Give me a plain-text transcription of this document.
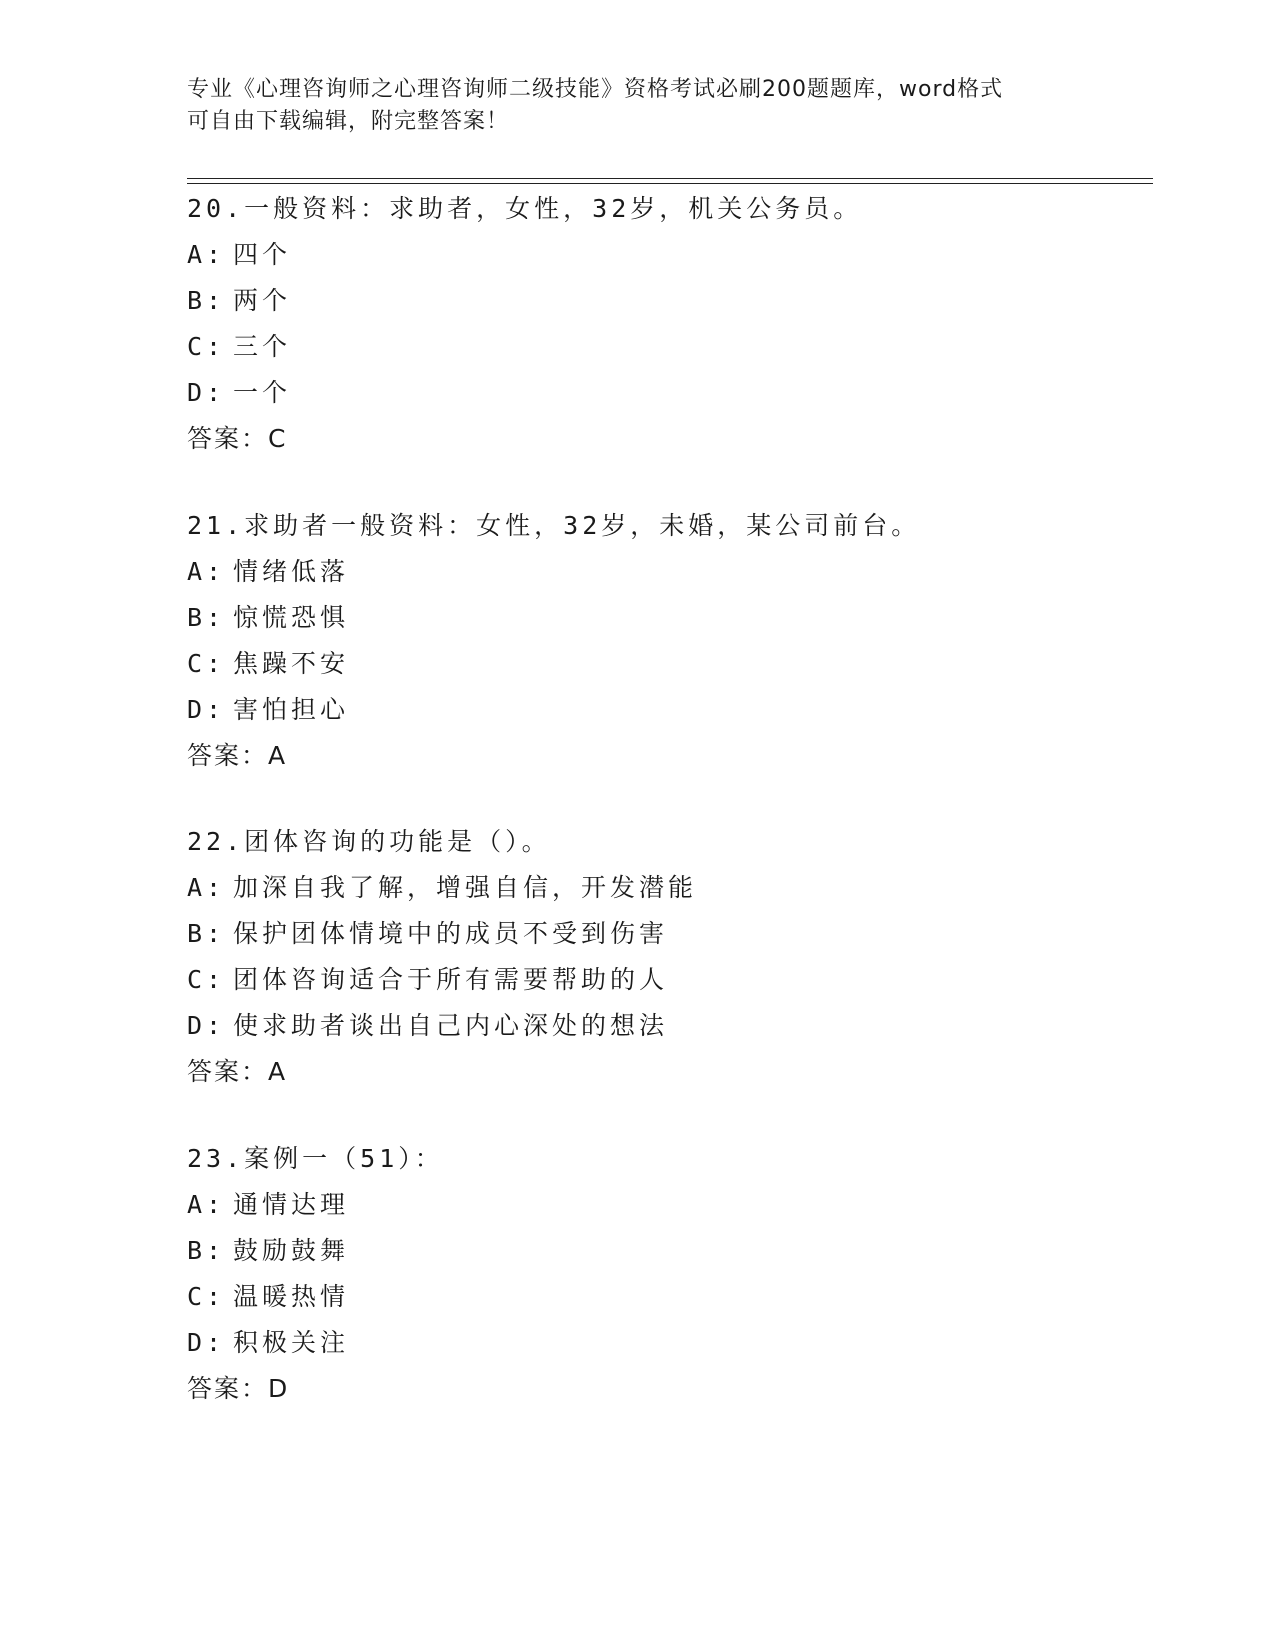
专业《心理咨询师之心理咨询师二级技能》资格考试必刷200题题库，word格式
可自由下载编辑，附完整答案！
20.一般资料：求助者，女性，32岁，机关公务员。
A: 四个
B: 两个
C: 三个
D: 一个
答案：C
21.求助者一般资料：女性，32岁，未婚，某公司前台。
A: 情绪低落
B: 惊慌恐惧
C: 焦躁不安
D: 害怕担心
答案：A
22.团体咨询的功能是（）。
A: 加深自我了解，增强自信，开发潜能
B: 保护团体情境中的成员不受到伤害
C: 团体咨询适合于所有需要帮助的人
D: 使求助者谈出自己内心深处的想法
答案：A
23.案例一（51）：
A: 通情达理
B: 鼓励鼓舞
C: 温暖热情
D: 积极关注
答案：D
